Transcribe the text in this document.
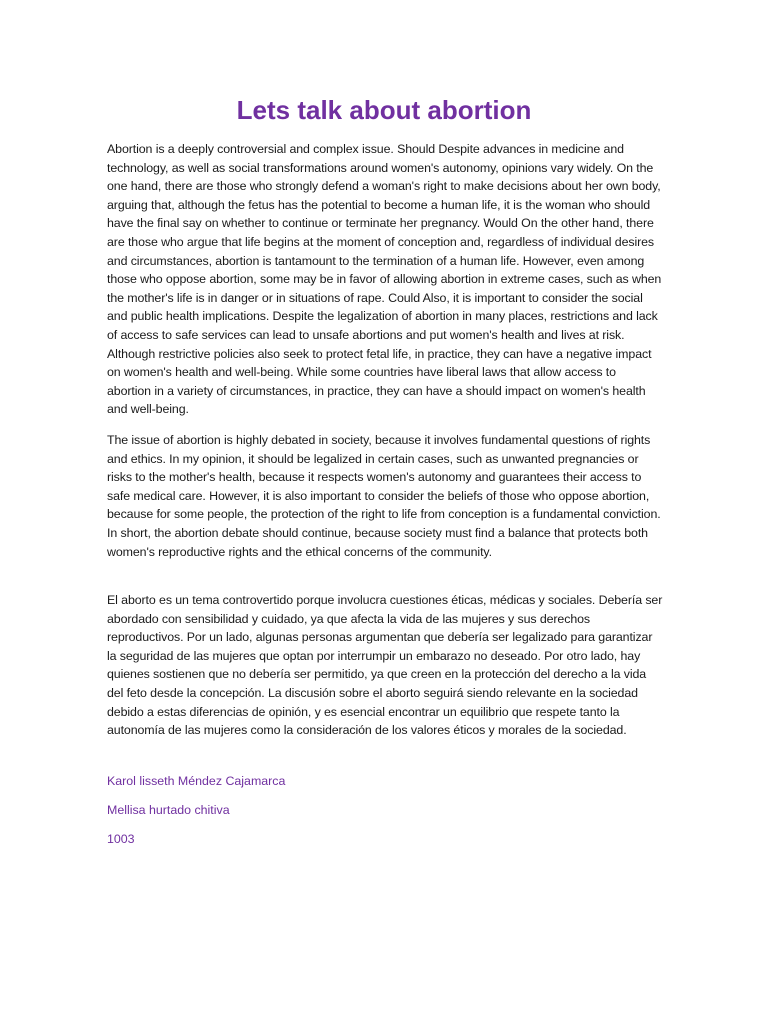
Lets talk about abortion

Abortion is a deeply controversial and complex issue. Should Despite advances in medicine and technology, as well as social transformations around women's autonomy, opinions vary widely. On the one hand, there are those who strongly defend a woman's right to make decisions about her own body, arguing that, although the fetus has the potential to become a human life, it is the woman who should have the final say on whether to continue or terminate her pregnancy. Would On the other hand, there are those who argue that life begins at the moment of conception and, regardless of individual desires and circumstances, abortion is tantamount to the termination of a human life. However, even among those who oppose abortion, some may be in favor of allowing abortion in extreme cases, such as when the mother's life is in danger or in situations of rape. Could Also, it is important to consider the social and public health implications. Despite the legalization of abortion in many places, restrictions and lack of access to safe services can lead to unsafe abortions and put women's health and lives at risk. Although restrictive policies also seek to protect fetal life, in practice, they can have a negative impact on women's health and well-being. While some countries have liberal laws that allow access to abortion in a variety of circumstances, in practice, they can have a should impact on women's health and well-being.

The issue of abortion is highly debated in society, because it involves fundamental questions of rights and ethics. In my opinion, it should be legalized in certain cases, such as unwanted pregnancies or risks to the mother's health, because it respects women's autonomy and guarantees their access to safe medical care. However, it is also important to consider the beliefs of those who oppose abortion, because for some people, the protection of the right to life from conception is a fundamental conviction. In short, the abortion debate should continue, because society must find a balance that protects both women's reproductive rights and the ethical concerns of the community.

El aborto es un tema controvertido porque involucra cuestiones éticas, médicas y sociales. Debería ser abordado con sensibilidad y cuidado, ya que afecta la vida de las mujeres y sus derechos reproductivos. Por un lado, algunas personas argumentan que debería ser legalizado para garantizar la seguridad de las mujeres que optan por interrumpir un embarazo no deseado. Por otro lado, hay quienes sostienen que no debería ser permitido, ya que creen en la protección del derecho a la vida del feto desde la concepción. La discusión sobre el aborto seguirá siendo relevante en la sociedad debido a estas diferencias de opinión, y es esencial encontrar un equilibrio que respete tanto la autonomía de las mujeres como la consideración de los valores éticos y morales de la sociedad.

Karol lisseth Méndez Cajamarca

Mellisa hurtado chitiva

1003
